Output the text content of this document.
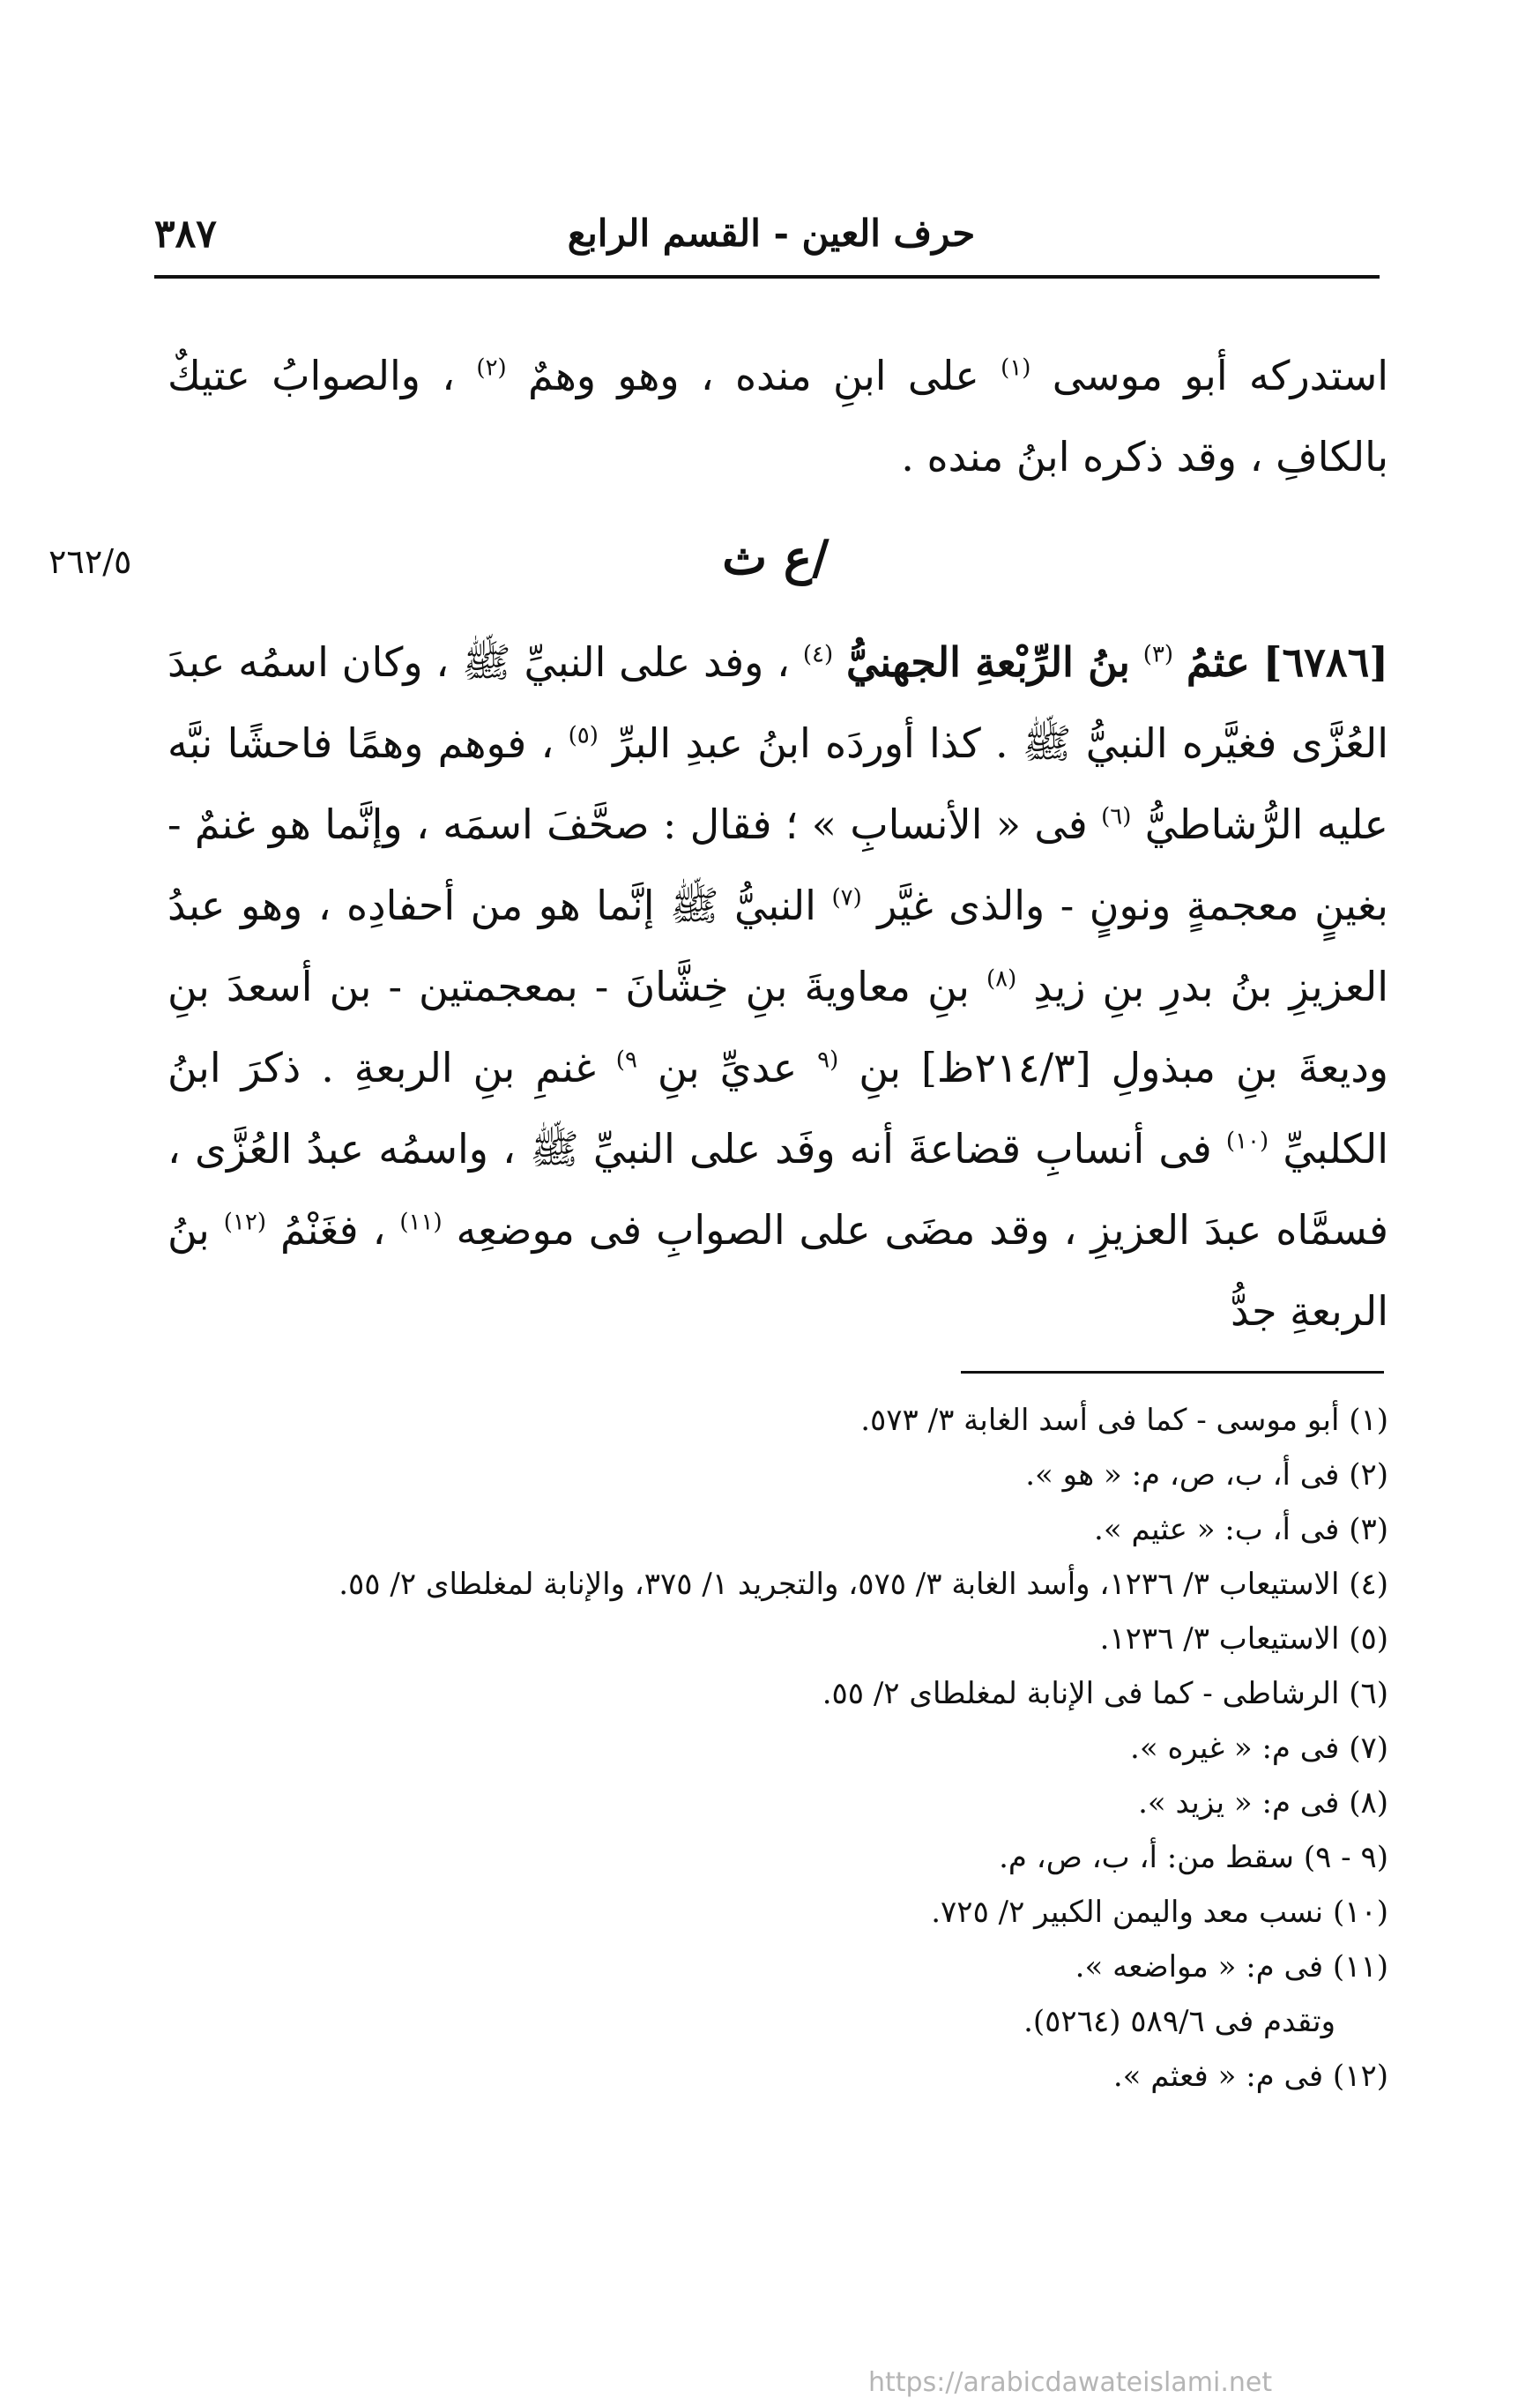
حرف العين - القسم الرابع
٣٨٧

استدركه أبو موسى $^{(١)}$ على ابنِ منده ، وهو وهمٌ $^{(٢)}$ ، والصوابُ عتيكٌ بالكافِ ، وقد ذكره ابنُ منده .

/ع ث
٢٦٢/٥

[٦٧٨٦] عثمُ $^{(٣)}$ بنُ الرِّبْعةِ الجهنيُّ $^{(٤)}$ ، وفد على النبيِّ ﷺ ، وكان اسمُه عبدَ العُزَّى فغيَّره النبيُّ ﷺ . كذا أوردَه ابنُ عبدِ البرِّ $^{(٥)}$ ، فوهم وهمًا فاحشًا نبَّه عليه الرُّشاطيُّ $^{(٦)}$ فى « الأنسابِ » ؛ فقال : صحَّفَ اسمَه ، وإنَّما هو غنمٌ - بغينٍ معجمةٍ ونونٍ - والذى غيَّر $^{(٧)}$ النبيُّ ﷺ إنَّما هو من أحفادِه ، وهو عبدُ العزيزِ بنُ بدرِ بنِ زيدِ $^{(٨)}$ بنِ معاويةَ بنِ خِشَّانَ - بمعجمتين - بن أسعدَ بنِ وديعةَ بنِ مبذولِ [٢١٤/٣ظ] بنِ $^{(٩}$ عديِّ بنِ $^{٩)}$ غنمِ بنِ الربعةِ . ذكرَ ابنُ الكلبيِّ $^{(١٠)}$ فى أنسابِ قضاعةَ أنه وفَد على النبيِّ ﷺ ، واسمُه عبدُ العُزَّى ، فسمَّاه عبدَ العزيزِ ، وقد مضَى على الصوابِ فى موضعِه $^{(١١)}$ ، فغَنْمُ $^{(١٢)}$ بنُ الربعةِ جدُّ

(١) أبو موسى - كما فى أسد الغابة ٣/ ٥٧٣.
(٢) فى أ، ب، ص، م: « هو ».
(٣) فى أ، ب: « عثيم ».
(٤) الاستيعاب ٣/ ١٢٣٦، وأسد الغابة ٣/ ٥٧٥، والتجريد ١/ ٣٧٥، والإنابة لمغلطاى ٢/ ٥٥.
(٥) الاستيعاب ٣/ ١٢٣٦.
(٦) الرشاطى - كما فى الإنابة لمغلطاى ٢/ ٥٥.
(٧) فى م: « غيره ».
(٨) فى م: « يزيد ».
(٩ - ٩) سقط من: أ، ب، ص، م.
(١٠) نسب معد واليمن الكبير ٢/ ٧٢٥.
(١١) فى م: « مواضعه ».
وتقدم فى ٥٨٩/٦ (٥٢٦٤).
(١٢) فى م: « فعثم ».
https://arabicdawateislami.net
